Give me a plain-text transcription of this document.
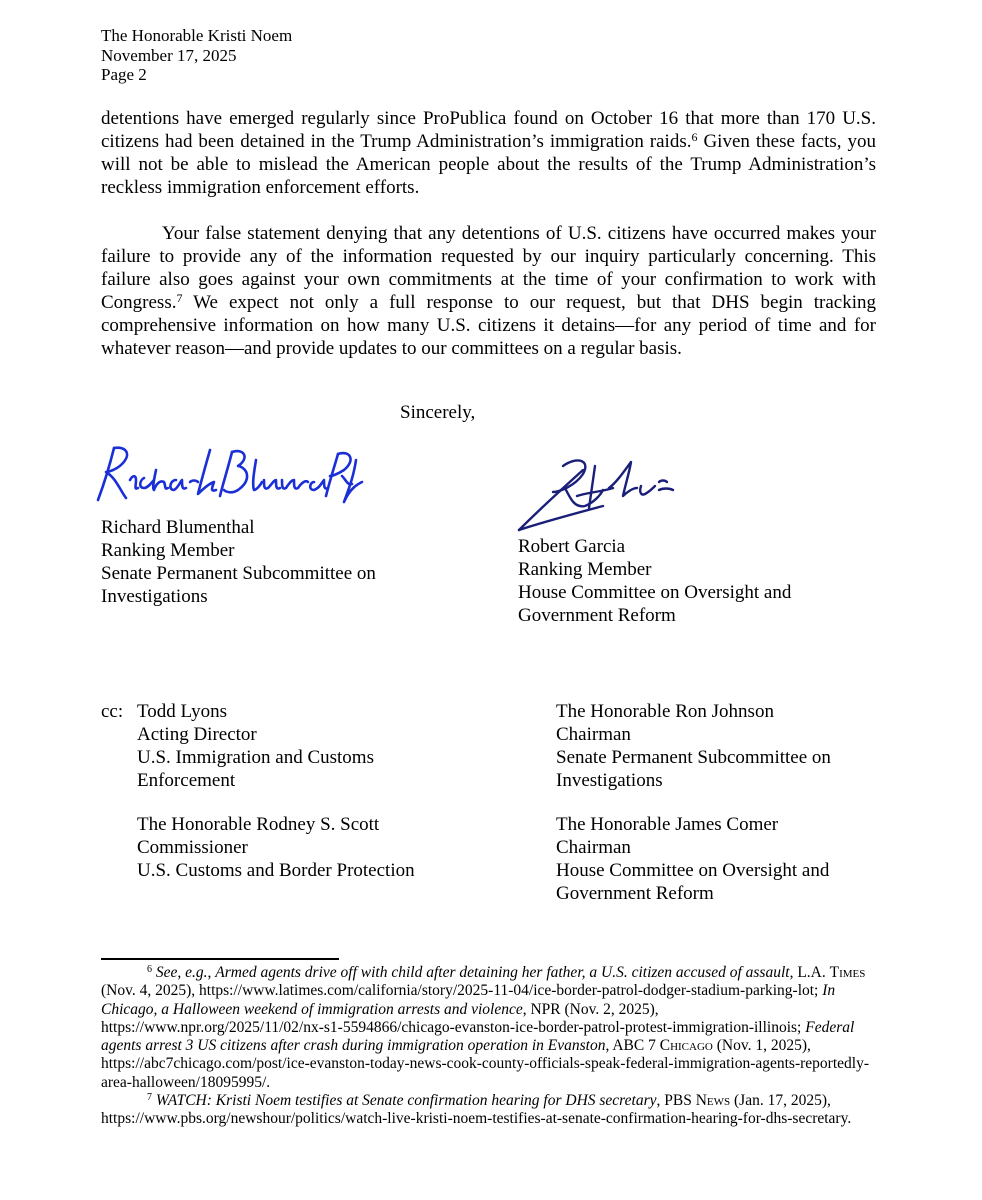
The Honorable Kristi Noem
November 17, 2025
Page 2

detentions have emerged regularly since ProPublica found on October 16 that more than 170 U.S. citizens had been detained in the Trump Administration’s immigration raids.$^6$ Given these facts, you will not be able to mislead the American people about the results of the Trump Administration’s reckless immigration enforcement efforts.

Your false statement denying that any detentions of U.S. citizens have occurred makes your failure to provide any of the information requested by our inquiry particularly concerning. This failure also goes against your own commitments at the time of your confirmation to work with Congress.$^7$ We expect not only a full response to our request, but that DHS begin tracking comprehensive information on how many U.S. citizens it detains—for any period of time and for whatever reason—and provide updates to our committees on a regular basis.

Sincerely,
Richard Blumenthal
Ranking Member
Senate Permanent Subcommittee on
Investigations
Robert Garcia
Ranking Member
House Committee on Oversight and
Government Reform
cc: Todd Lyons
Acting Director
U.S. Immigration and Customs
Enforcement
The Honorable Rodney S. Scott
Commissioner
U.S. Customs and Border Protection
The Honorable Ron Johnson
Chairman
Senate Permanent Subcommittee on
Investigations
The Honorable James Comer
Chairman
House Committee on Oversight and
Government Reform

$^6$ See, e.g., Armed agents drive off with child after detaining her father, a U.S. citizen accused of assault, L.A. Times (Nov. 4, 2025), https://www.latimes.com/california/story/2025-11-04/ice-border-patrol-dodger-stadium-parking-lot; In Chicago, a Halloween weekend of immigration arrests and violence, NPR (Nov. 2, 2025), https://www.npr.org/2025/11/02/nx-s1-5594866/chicago-evanston-ice-border-patrol-protest-immigration-illinois; Federal agents arrest 3 US citizens after crash during immigration operation in Evanston, ABC 7 Chicago (Nov. 1, 2025), https://abc7chicago.com/post/ice-evanston-today-news-cook-county-officials-speak-federal-immigration-agents-reportedly-area-halloween/18095995/.

$^7$ WATCH: Kristi Noem testifies at Senate confirmation hearing for DHS secretary, PBS News (Jan. 17, 2025), https://www.pbs.org/newshour/politics/watch-live-kristi-noem-testifies-at-senate-confirmation-hearing-for-dhs-secretary.
